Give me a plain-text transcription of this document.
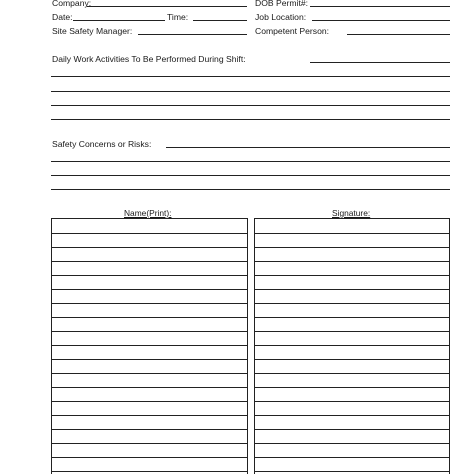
Company:	DOB Permit#:
Date:	Time:	Job Location:
Site Safety Manager:	Competent Person:
Daily Work Activities To Be Performed During Shift:
Safety Concerns or Risks:
Name(Print):	Signature:
